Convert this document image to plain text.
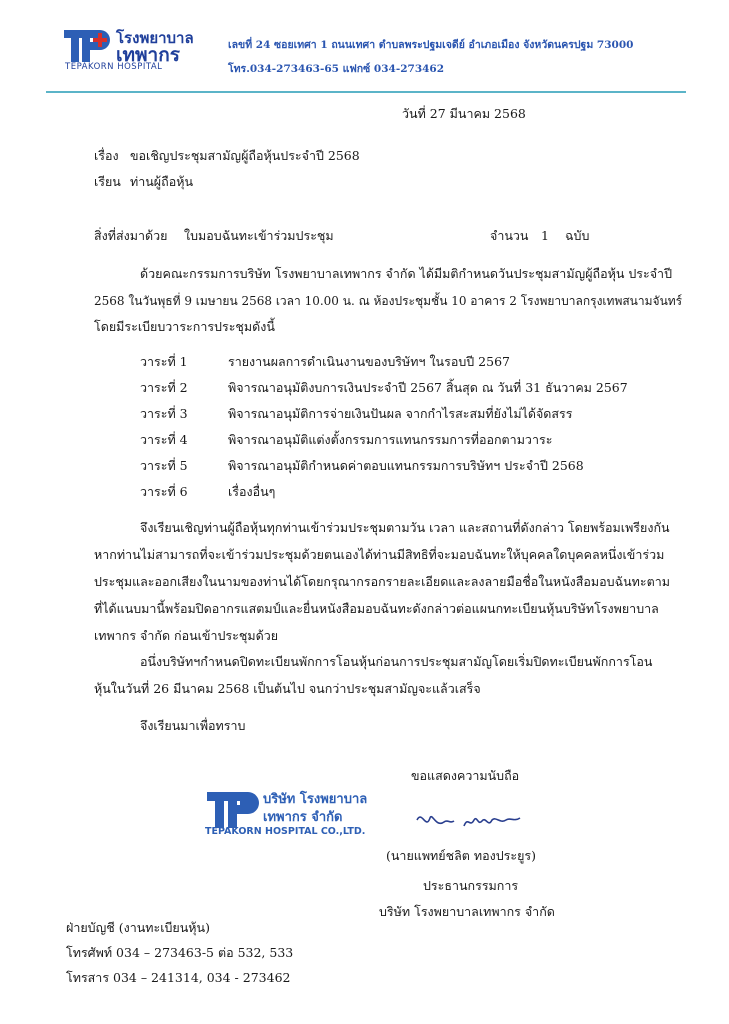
โรงพยาบาล
เทพากร
TEPAKORN HOSPITAL
เลขที่ 24 ซอยเทศา 1 ถนนเทศา ตำบลพระปฐมเจดีย์ อำเภอเมือง จังหวัดนครปฐม 73000
โทร.034-273463-65 แฟกซ์ 034-273462
วันที่ 27 มีนาคม 2568
เรื่อง ขอเชิญประชุมสามัญผู้ถือหุ้นประจำปี 2568
เรียน ท่านผู้ถือหุ้น
สิ่งที่ส่งมาด้วย ใบมอบฉันทะเข้าร่วมประชุม	จำนวน 1 ฉบับ
ด้วยคณะกรรมการบริษัท โรงพยาบาลเทพากร จำกัด ได้มีมติกำหนดวันประชุมสามัญผู้ถือหุ้น ประจำปี
2568 ในวันพุธที่ 9 เมษายน 2568 เวลา 10.00 น. ณ ห้องประชุมชั้น 10 อาคาร 2 โรงพยาบาลกรุงเทพสนามจันทร์
โดยมีระเบียบวาระการประชุมดังนี้
วาระที่ 1	รายงานผลการดำเนินงานของบริษัทฯ ในรอบปี 2567
วาระที่ 2	พิจารณาอนุมัติงบการเงินประจำปี 2567 สิ้นสุด ณ วันที่ 31 ธันวาคม 2567
วาระที่ 3	พิจารณาอนุมัติการจ่ายเงินปันผล จากกำไรสะสมที่ยังไม่ได้จัดสรร
วาระที่ 4	พิจารณาอนุมัติแต่งตั้งกรรมการแทนกรรมการที่ออกตามวาระ
วาระที่ 5	พิจารณาอนุมัติกำหนดค่าตอบแทนกรรมการบริษัทฯ ประจำปี 2568
วาระที่ 6	เรื่องอื่นๆ
จึงเรียนเชิญท่านผู้ถือหุ้นทุกท่านเข้าร่วมประชุมตามวัน เวลา และสถานที่ดังกล่าว โดยพร้อมเพรียงกัน
หากท่านไม่สามารถที่จะเข้าร่วมประชุมด้วยตนเองได้ท่านมีสิทธิที่จะมอบฉันทะให้บุคคลใดบุคคลหนึ่งเข้าร่วม
ประชุมและออกเสียงในนามของท่านได้โดยกรุณากรอกรายละเอียดและลงลายมือชื่อในหนังสือมอบฉันทะตาม
ที่ได้แนบมานี้พร้อมปิดอากรแสตมป์และยื่นหนังสือมอบฉันทะดังกล่าวต่อแผนกทะเบียนหุ้นบริษัทโรงพยาบาล
เทพากร จำกัด ก่อนเข้าประชุมด้วย
อนึ่งบริษัทฯกำหนดปิดทะเบียนพักการโอนหุ้นก่อนการประชุมสามัญโดยเริ่มปิดทะเบียนพักการโอน
หุ้นในวันที่ 26 มีนาคม 2568 เป็นต้นไป จนกว่าประชุมสามัญจะแล้วเสร็จ
จึงเรียนมาเพื่อทราบ
ขอแสดงความนับถือ
บริษัท โรงพยาบาล
เทพากร จำกัด
TEPAKORN HOSPITAL CO.,LTD.
(นายแพทย์ชลิต ทองประยูร)
ประธานกรรมการ
บริษัท โรงพยาบาลเทพากร จำกัด
ฝ่ายบัญชี (งานทะเบียนหุ้น)
โทรศัพท์ 034 – 273463-5 ต่อ 532, 533
โทรสาร 034 – 241314, 034 - 273462
